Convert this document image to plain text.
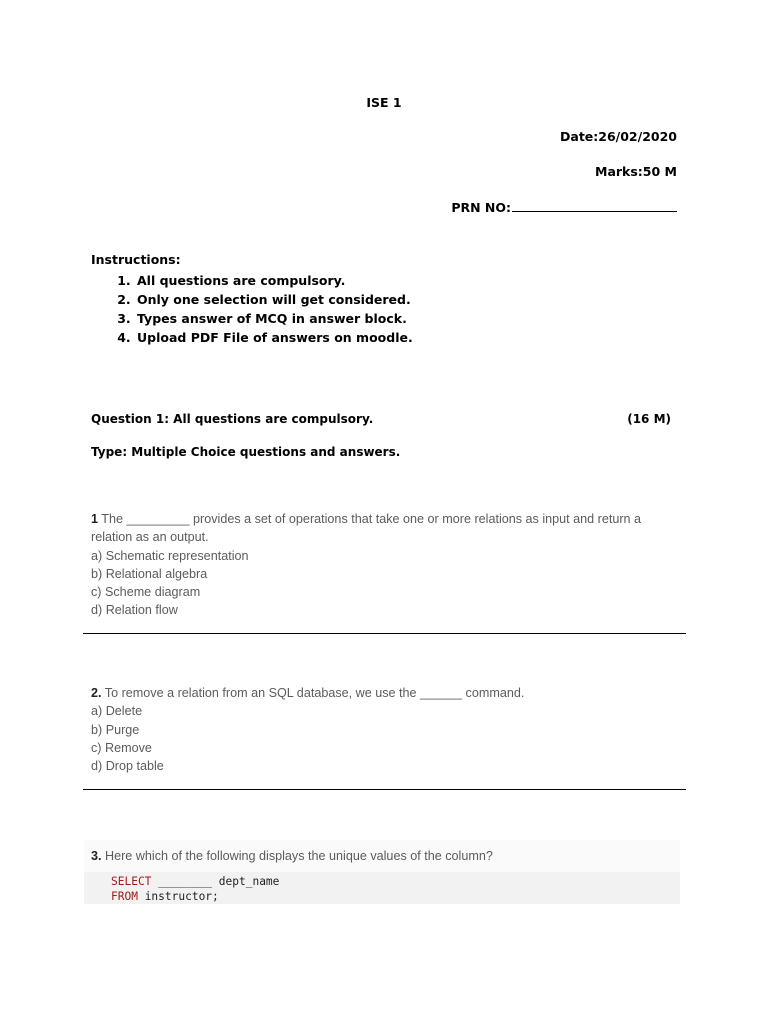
ISE 1
Date:26/02/2020
Marks:50 M
PRN NO:
Instructions:
1. All questions are compulsory.
2. Only one selection will get considered.
3. Types answer of MCQ in answer block.
4. Upload PDF File of answers on moodle.
Question 1: All questions are compulsory.	(16 M)
Type: Multiple Choice questions and answers.
1 The _________ provides a set of operations that take one or more relations as input and return a relation as an output.
a) Schematic representation
b) Relational algebra
c) Scheme diagram
d) Relation flow
2. To remove a relation from an SQL database, we use the ______ command.
a) Delete
b) Purge
c) Remove
d) Drop table
3. Here which of the following displays the unique values of the column?
SELECT ________ dept_name
FROM instructor;
